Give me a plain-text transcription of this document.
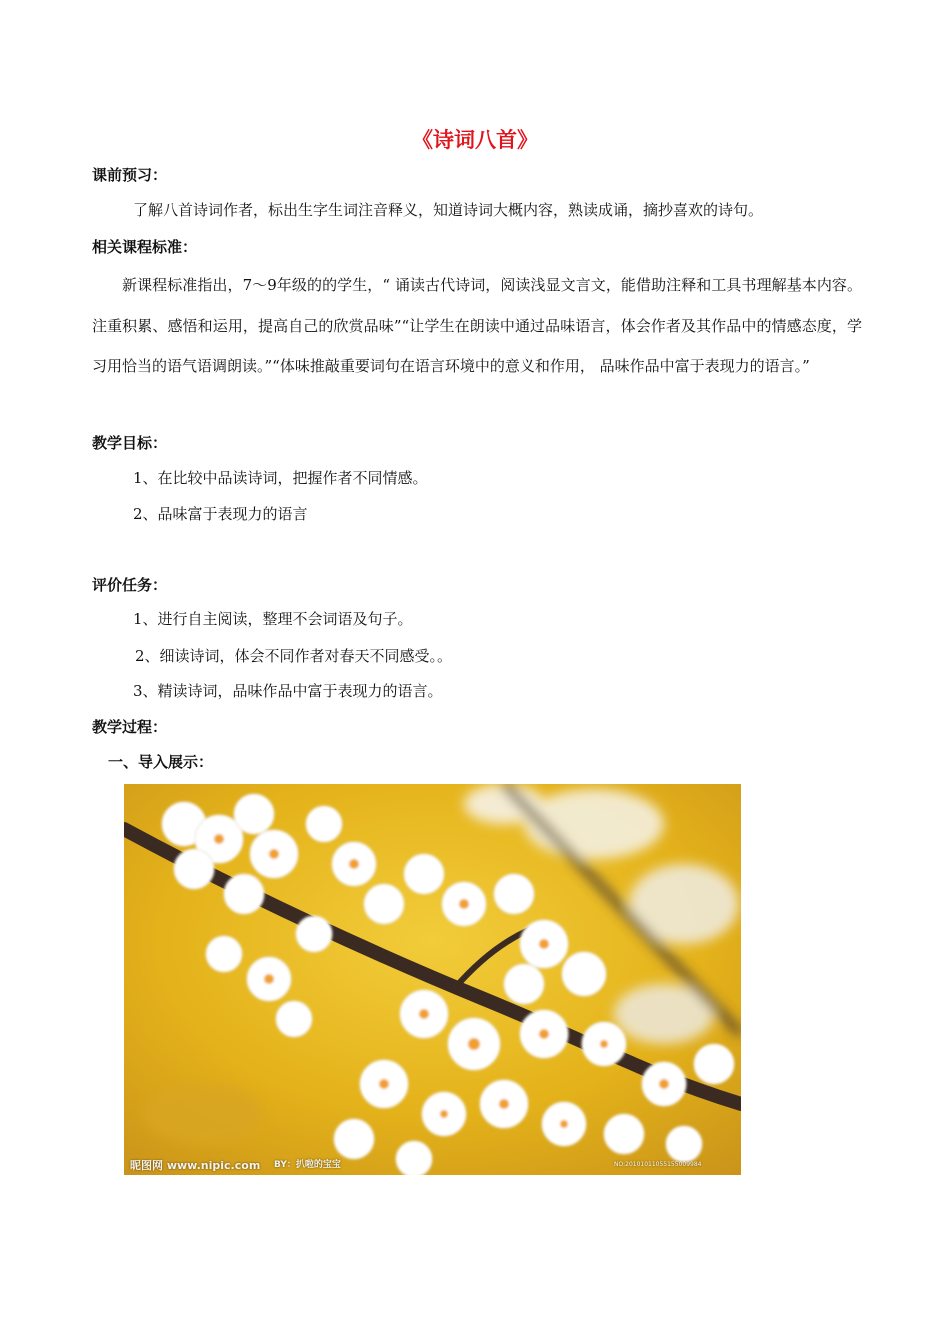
《诗词八首》
课前预习：
了解八首诗词作者，标出生字生词注音释义，知道诗词大概内容，熟读成诵，摘抄喜欢的诗句。
相关课程标准：
新课程标准指出，7～9年级的的学生，“ 诵读古代诗词，阅读浅显文言文，能借助注释和工具书理解基本内容。注重积累、感悟和运用，提高自己的欣赏品味”“让学生在朗读中通过品味语言，体会作者及其作品中的情感态度，学习用恰当的语气语调朗读。”“体味推敲重要词句在语言环境中的意义和作用， 品味作品中富于表现力的语言。”
教学目标：
1、在比较中品读诗词，把握作者不同情感。
2、品味富于表现力的语言
评价任务：
1、进行自主阅读，整理不会词语及句子。
2、细读诗词，体会不同作者对春天不同感受。。
3、精读诗词，品味作品中富于表现力的语言。
教学过程：
一、导入展示：
昵图网 www.nipic.com BY：扒啦的宝宝	NO:20101011055155009984
